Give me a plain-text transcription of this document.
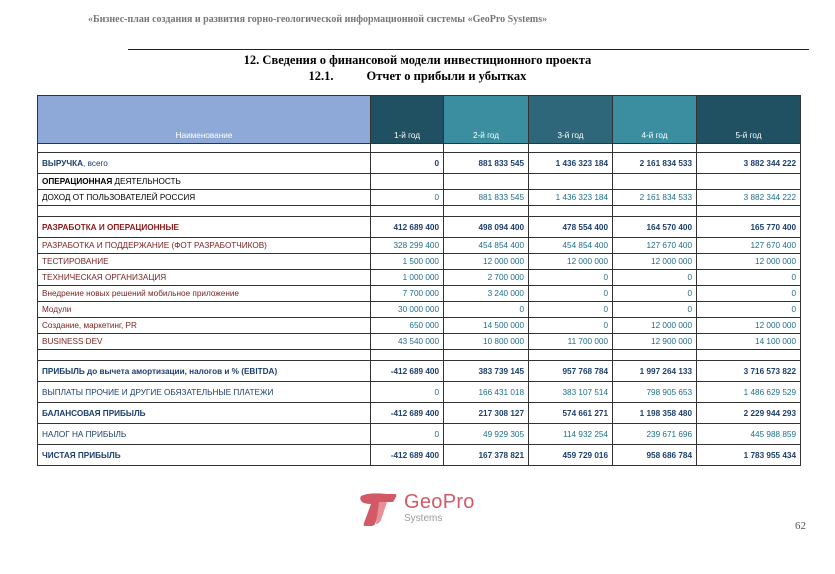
«Бизнес-план создания и развития горно-геологической информационной системы «GeoPro Systems»
12. Сведения о финансовой модели инвестиционного проекта
12.1.	Отчет о прибыли и убытках
Наименование	1-й год	2-й год	3-й год	4-й год	5-й год

ВЫРУЧКА, всего	0	881 833 545	1 436 323 184	2 161 834 533	3 882 344 222
ОПЕРАЦИОННАЯ ДЕЯТЕЛЬНОСТЬ					
ДОХОД ОТ ПОЛЬЗОВАТЕЛЕЙ РОССИЯ	0	881 833 545	1 436 323 184	2 161 834 533	3 882 344 222

РАЗРАБОТКА И ОПЕРАЦИОННЫЕ	412 689 400	498 094 400	478 554 400	164 570 400	165 770 400
РАЗРАБОТКА И ПОДДЕРЖАНИЕ (ФОТ РАЗРАБОТЧИКОВ)	328 299 400	454 854 400	454 854 400	127 670 400	127 670 400
ТЕСТИРОВАНИЕ	1 500 000	12 000 000	12 000 000	12 000 000	12 000 000
ТЕХНИЧЕСКАЯ ОРГАНИЗАЦИЯ	1 000 000	2 700 000	0	0	0
Внедрение новых решений мобильное приложение	7 700 000	3 240 000	0	0	0
Модули	30 000 000	0	0	0	0
Создание, маркетинг, PR	650 000	14 500 000	0	12 000 000	12 000 000
BUSINESS DEV	43 540 000	10 800 000	11 700 000	12 900 000	14 100 000

ПРИБЫЛЬ до вычета амортизации, налогов и % (EBITDA)	-412 689 400	383 739 145	957 768 784	1 997 264 133	3 716 573 822
ВЫПЛАТЫ ПРОЧИЕ И ДРУГИЕ ОБЯЗАТЕЛЬНЫЕ ПЛАТЕЖИ	0	166 431 018	383 107 514	798 905 653	1 486 629 529
БАЛАНСОВАЯ ПРИБЫЛЬ	-412 689 400	217 308 127	574 661 271	1 198 358 480	2 229 944 293
НАЛОГ НА ПРИБЫЛЬ	0	49 929 305	114 932 254	239 671 696	445 988 859
ЧИСТАЯ ПРИБЫЛЬ	-412 689 400	167 378 821	459 729 016	958 686 784	1 783 955 434
GeoPro
Systems
62
